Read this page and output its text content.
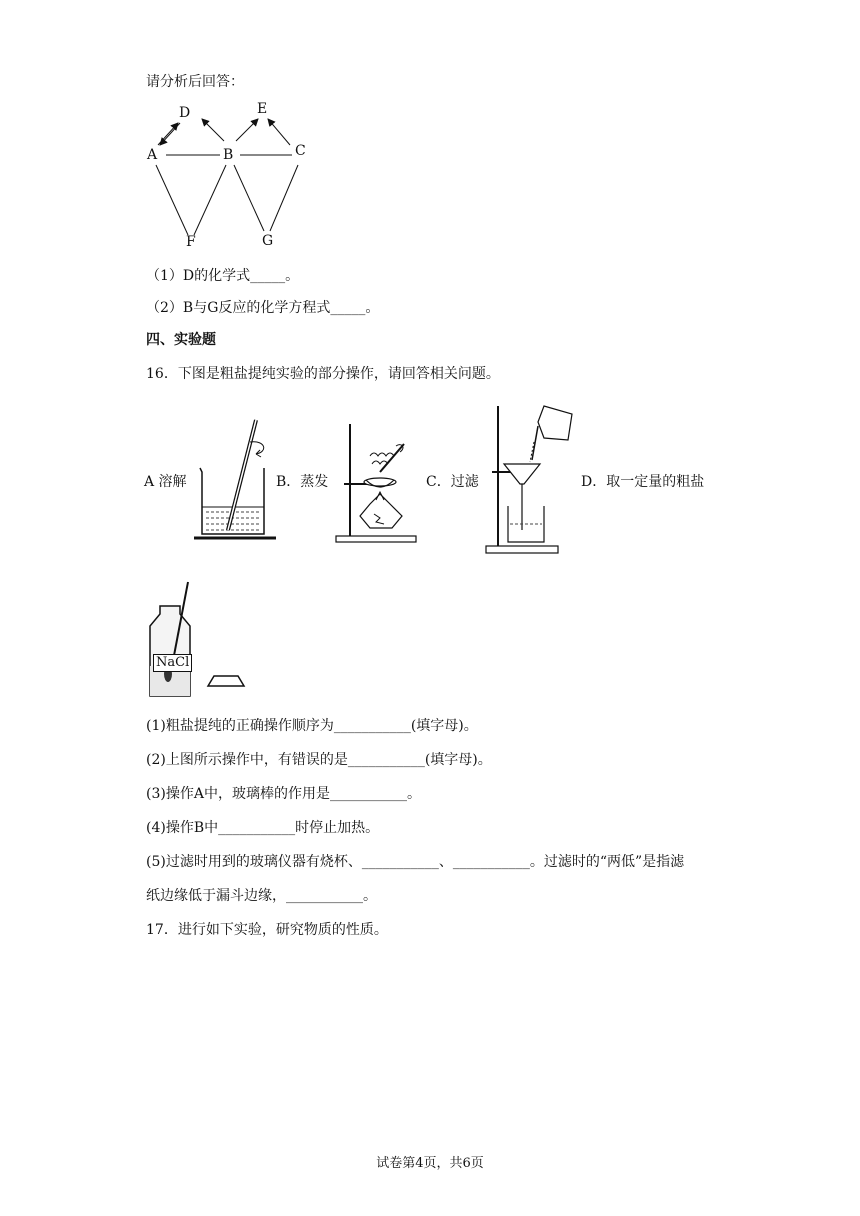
请分析后回答：
D	E
A	B	C
F	G
（1）D的化学式_____。
（2）B与G反应的化学方程式_____。
四、实验题
16．下图是粗盐提纯实验的部分操作，请回答相关问题。
A 溶解	B．蒸发	C．过滤	D．取一定量的粗盐
NaCl
(1)粗盐提纯的正确操作顺序为___________(填字母)。
(2)上图所示操作中，有错误的是___________(填字母)。
(3)操作A中，玻璃棒的作用是___________。
(4)操作B中___________时停止加热。
(5)过滤时用到的玻璃仪器有烧杯、___________、___________。过滤时的“两低”是指滤
纸边缘低于漏斗边缘，___________。
17．进行如下实验，研究物质的性质。
试卷第4页，共6页
